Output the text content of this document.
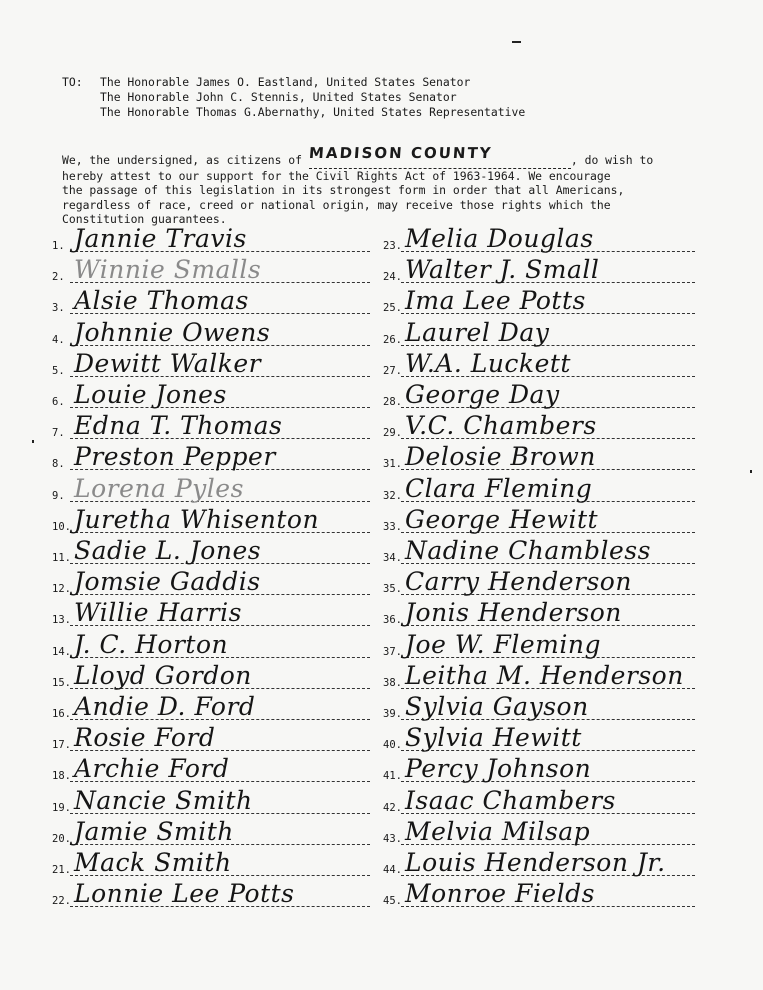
TO: The Honorable James O. Eastland, United States Senator
The Honorable John C. Stennis, United States Senator
The Honorable Thomas G.Abernathy, United States Representative
We, the undersigned, as citizens of MADISON COUNTY	, do wish to
hereby attest to our support for the Civil Rights Act of 1963-1964. We encourage
the passage of this legislation in its strongest form in order that all Americans,
regardless of race, creed or national origin, may receive those rights which the
Constitution guarantees.
1. Jannie Travis
2. Winnie Smalls
3. Alsie Thomas
4. Johnnie Owens
5. Dewitt Walker
6. Louie Jones
7. Edna T. Thomas
8. Preston Pepper
9. Lorena Pyles
10. Juretha Whisenton
11. Sadie L. Jones
12. Jomsie Gaddis
13. Willie Harris
14. J. C. Horton
15. Lloyd Gordon
16. Andie D. Ford
17. Rosie Ford
18. Archie Ford
19. Nancie Smith
20. Jamie Smith
21. Mack Smith
22. Lonnie Lee Potts
23. Melia Douglas
24. Walter J. Small
25. Ima Lee Potts
26. Laurel Day
27. W.A. Luckett
28. George Day
29. V.C. Chambers
31. Delosie Brown
32. Clara Fleming
33. George Hewitt
34. Nadine Chambless
35. Carry Henderson
36. Jonis Henderson
37. Joe W. Fleming
38. Leitha M. Henderson
39. Sylvia Gayson
40. Sylvia Hewitt
41. Percy Johnson
42. Isaac Chambers
43. Melvia Milsap
44. Louis Henderson Jr.
45. Monroe Fields
